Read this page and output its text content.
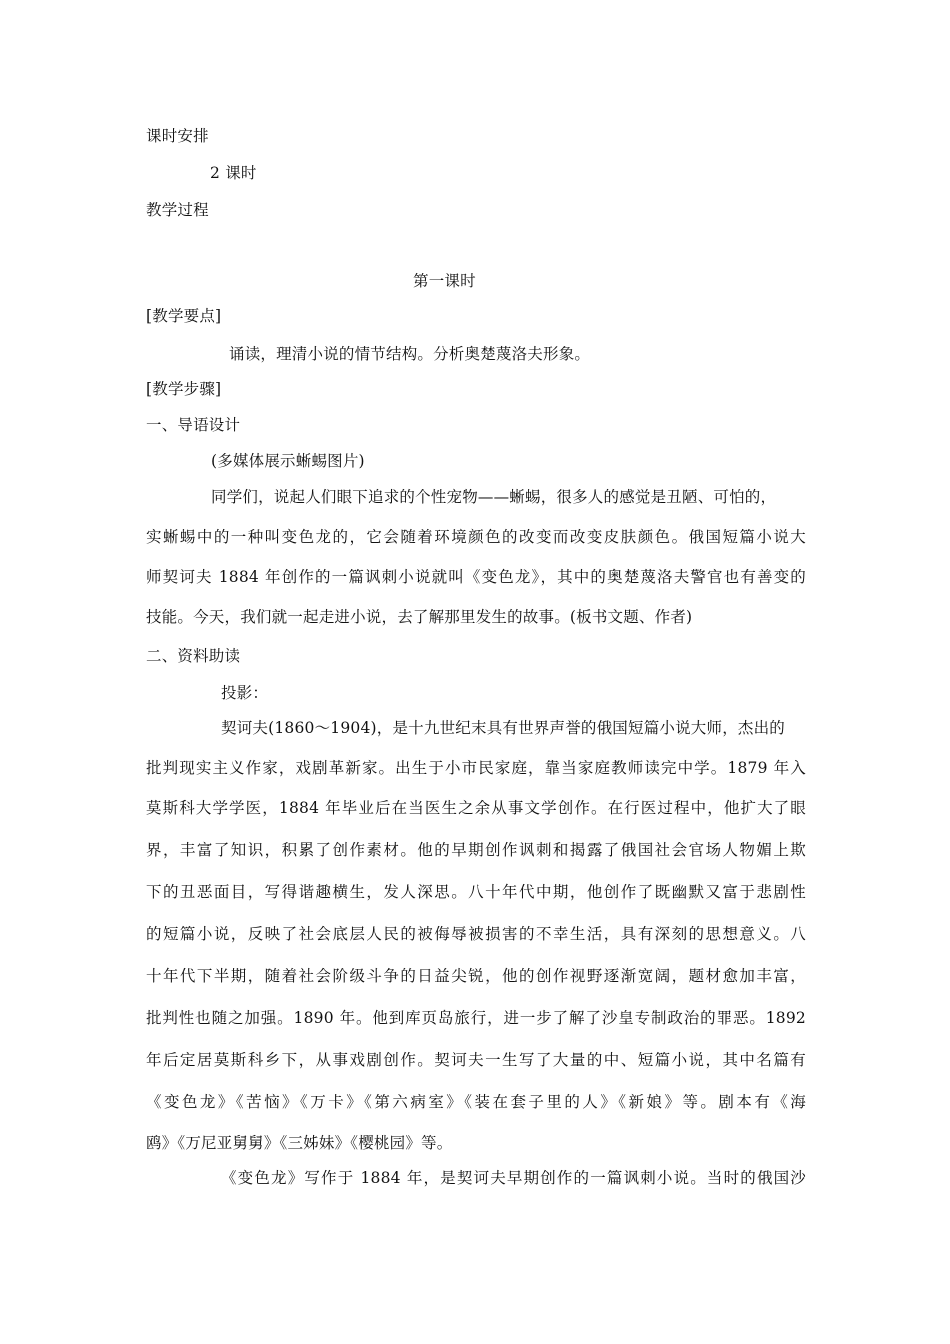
课时安排
2 课时
教学过程
第一课时
[教学要点]
诵读，理清小说的情节结构。分析奥楚蔑洛夫形象。
[教学步骤]
一、导语设计
(多媒体展示蜥蜴图片)
同学们，说起人们眼下追求的个性宠物——蜥蜴，很多人的感觉是丑陋、可怕的，
实蜥蜴中的一种叫变色龙的，它会随着环境颜色的改变而改变皮肤颜色。俄国短篇小说大
师契诃夫 1884 年创作的一篇讽刺小说就叫《变色龙》，其中的奥楚蔑洛夫警官也有善变的
技能。今天，我们就一起走进小说，去了解那里发生的故事。(板书文题、作者)
二、资料助读
投影：
契诃夫(1860～1904)，是十九世纪末具有世界声誉的俄国短篇小说大师，杰出的
批判现实主义作家，戏剧革新家。出生于小市民家庭，靠当家庭教师读完中学。1879 年入
莫斯科大学学医，1884 年毕业后在当医生之余从事文学创作。在行医过程中，他扩大了眼
界，丰富了知识，积累了创作素材。他的早期创作讽刺和揭露了俄国社会官场人物媚上欺
下的丑恶面目，写得谐趣横生，发人深思。八十年代中期，他创作了既幽默又富于悲剧性
的短篇小说，反映了社会底层人民的被侮辱被损害的不幸生活，具有深刻的思想意义。八
十年代下半期，随着社会阶级斗争的日益尖锐，他的创作视野逐渐宽阔，题材愈加丰富，
批判性也随之加强。1890 年。他到库页岛旅行，进一步了解了沙皇专制政治的罪恶。1892
年后定居莫斯科乡下，从事戏剧创作。契诃夫一生写了大量的中、短篇小说，其中名篇有
《变色龙》《苦恼》《万卡》《第六病室》《装在套子里的人》《新娘》等。剧本有《海
鸥》《万尼亚舅舅》《三姊妹》《樱桃园》等。
《变色龙》写作于 1884 年，是契诃夫早期创作的一篇讽刺小说。当时的俄国沙
